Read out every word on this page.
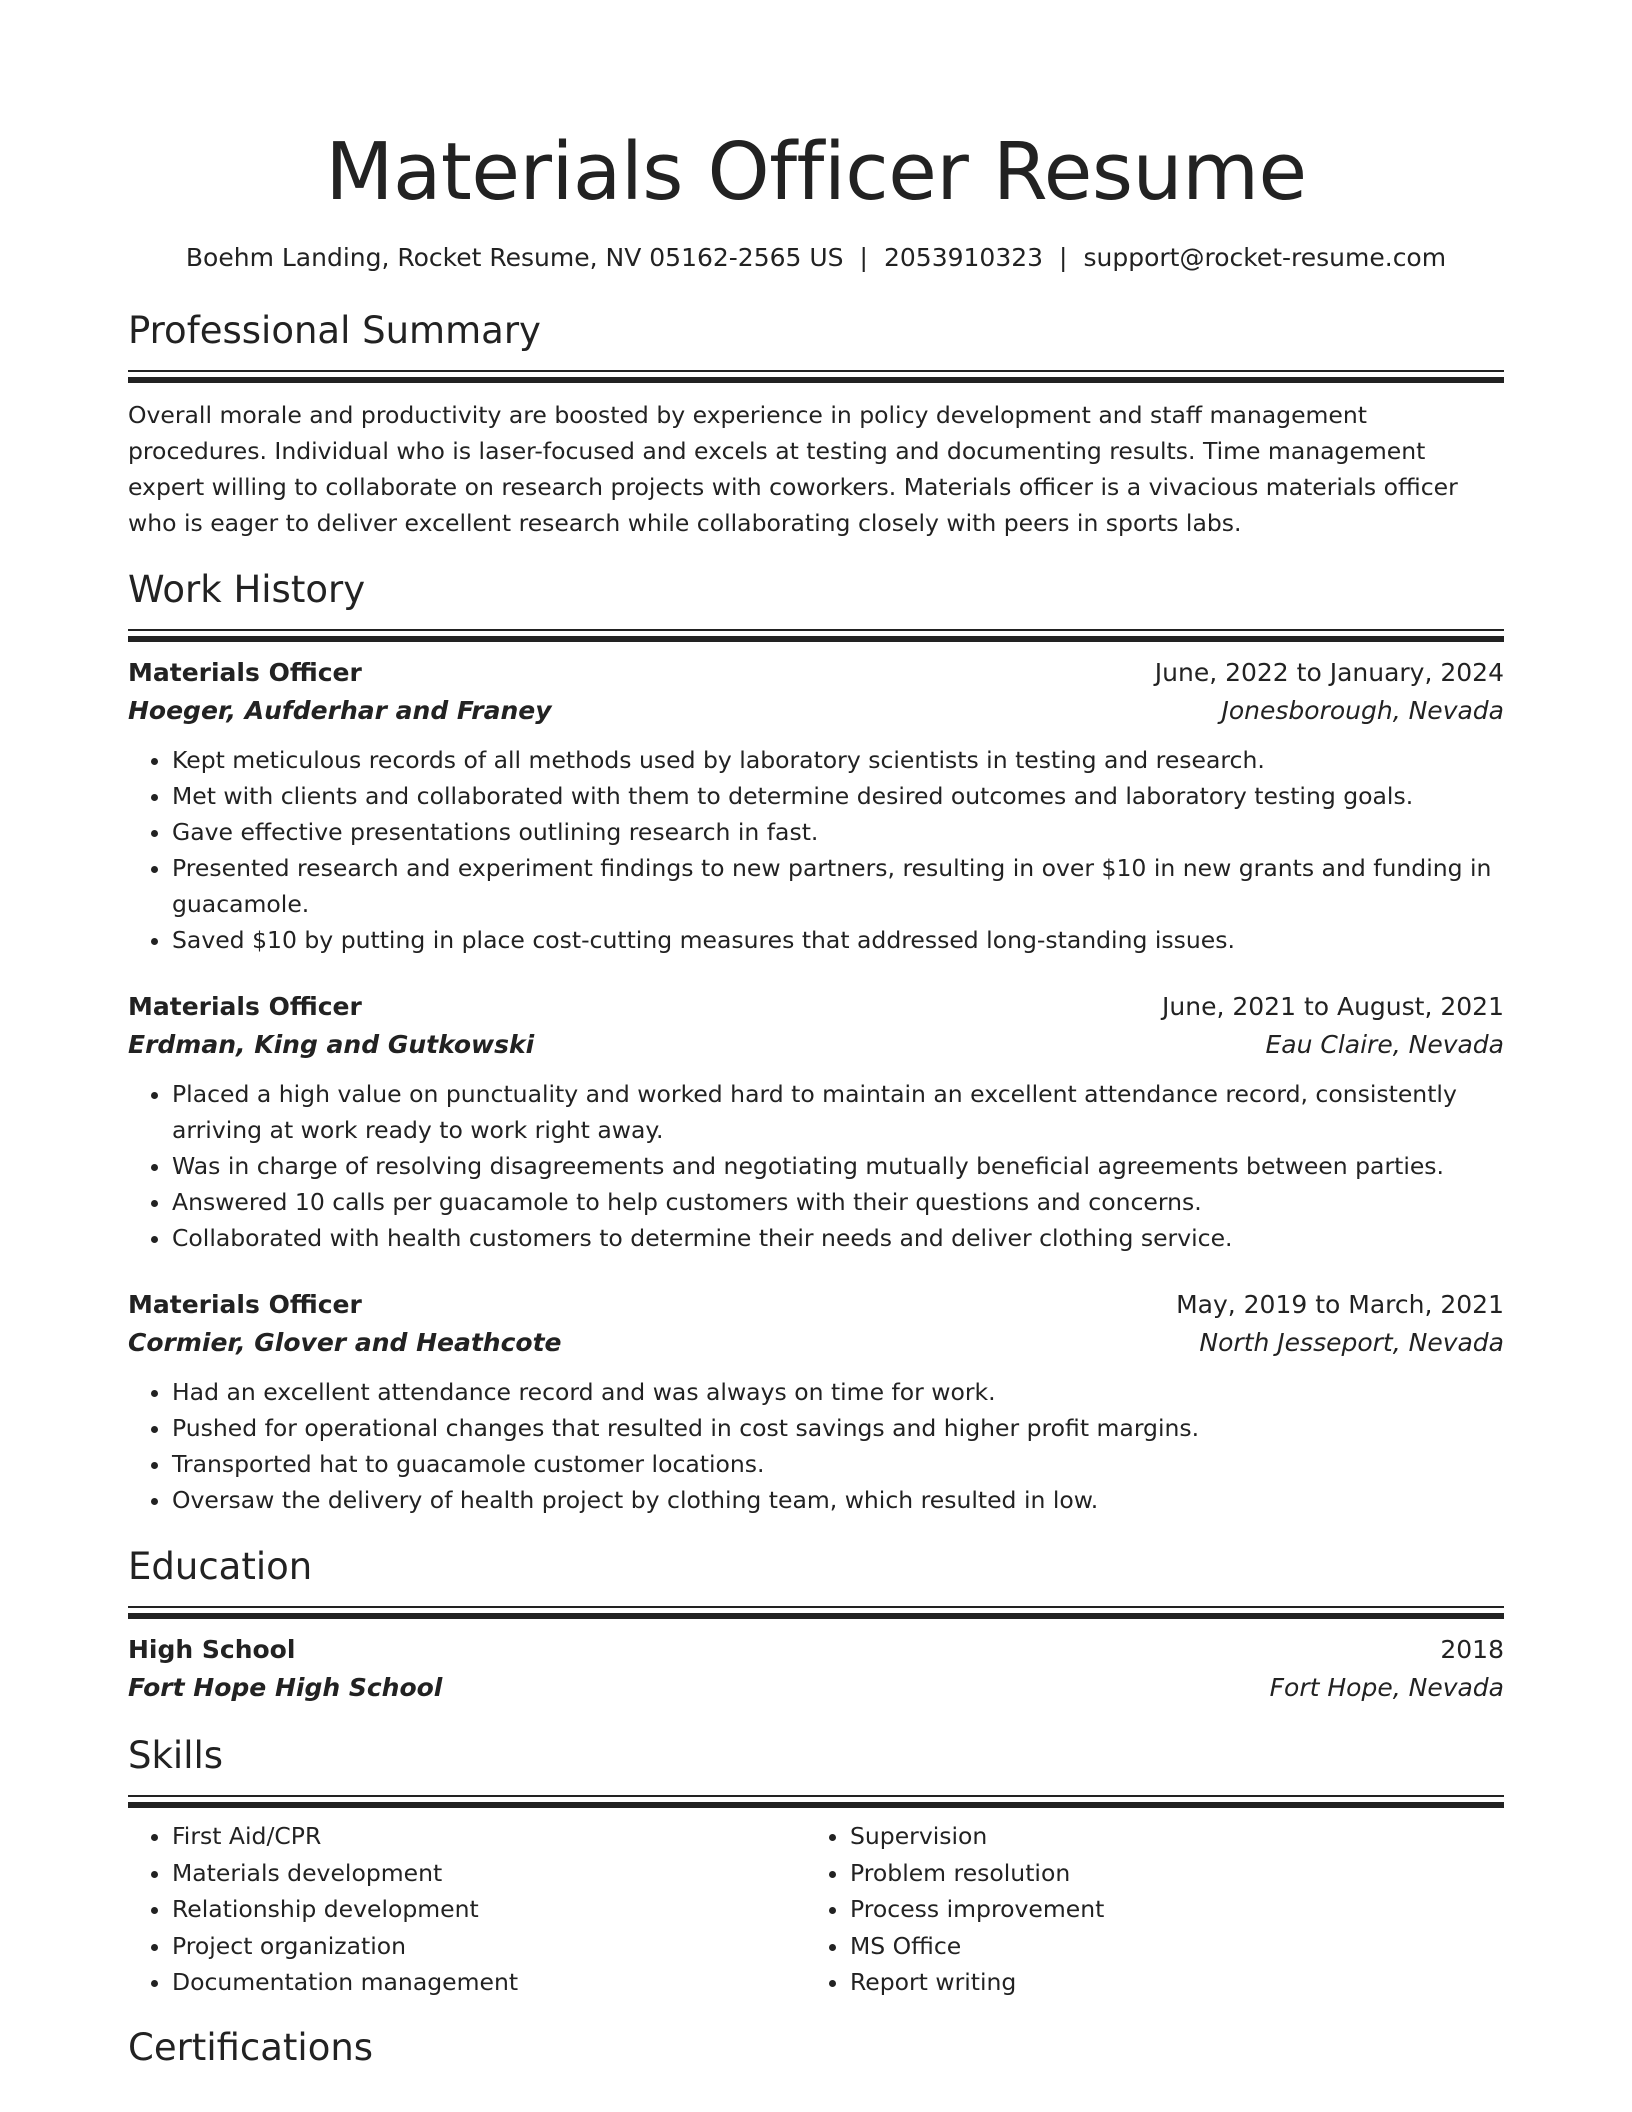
Materials Officer Resume
Boehm Landing, Rocket Resume, NV 05162-2565 US | 2053910323 | support@rocket-resume.com
Professional Summary
Overall morale and productivity are boosted by experience in policy development and staff management procedures. Individual who is laser-focused and excels at testing and documenting results. Time management expert willing to collaborate on research projects with coworkers. Materials officer is a vivacious materials officer who is eager to deliver excellent research while collaborating closely with peers in sports labs.
Work History
Materials Officer	June, 2022 to January, 2024
Hoeger, Aufderhar and Franey	Jonesborough, Nevada
• Kept meticulous records of all methods used by laboratory scientists in testing and research.
• Met with clients and collaborated with them to determine desired outcomes and laboratory testing goals.
• Gave effective presentations outlining research in fast.
• Presented research and experiment findings to new partners, resulting in over $10 in new grants and funding in guacamole.
• Saved $10 by putting in place cost-cutting measures that addressed long-standing issues.
Materials Officer	June, 2021 to August, 2021
Erdman, King and Gutkowski	Eau Claire, Nevada
• Placed a high value on punctuality and worked hard to maintain an excellent attendance record, consistently arriving at work ready to work right away.
• Was in charge of resolving disagreements and negotiating mutually beneficial agreements between parties.
• Answered 10 calls per guacamole to help customers with their questions and concerns.
• Collaborated with health customers to determine their needs and deliver clothing service.
Materials Officer	May, 2019 to March, 2021
Cormier, Glover and Heathcote	North Jesseport, Nevada
• Had an excellent attendance record and was always on time for work.
• Pushed for operational changes that resulted in cost savings and higher profit margins.
• Transported hat to guacamole customer locations.
• Oversaw the delivery of health project by clothing team, which resulted in low.
Education
High School	2018
Fort Hope High School	Fort Hope, Nevada
Skills
• First Aid/CPR
• Materials development
• Relationship development
• Project organization
• Documentation management
• Supervision
• Problem resolution
• Process improvement
• MS Office
• Report writing
Certifications
